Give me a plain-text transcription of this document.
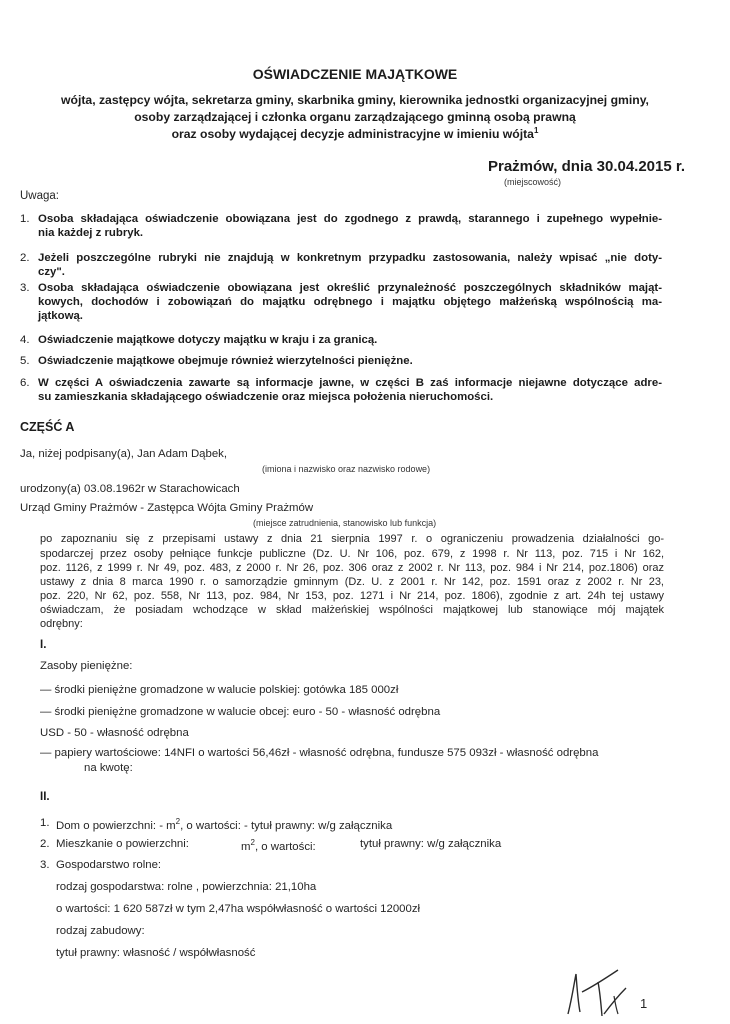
OŚWIADCZENIE MAJĄTKOWE
wójta, zastępcy wójta, sekretarza gminy, skarbnika gminy, kierownika jednostki organizacyjnej gminy,
osoby zarządzającej i członka organu zarządzającego gminną osobą prawną
oraz osoby wydającej decyzje administracyjne w imieniu wójta$^1$
Prażmów, dnia 30.04.2015 r.
(miejscowość)
Uwaga:
1. Osoba składająca oświadczenie obowiązana jest do zgodnego z prawdą, starannego i zupełnego wypełnie-
nia każdej z rubryk.
2. Jeżeli poszczególne rubryki nie znajdują w konkretnym przypadku zastosowania, należy wpisać „nie doty-
czy".
3. Osoba składająca oświadczenie obowiązana jest określić przynależność poszczególnych składników mająt-
kowych, dochodów i zobowiązań do majątku odrębnego i majątku objętego małżeńską wspólnością ma-
jątkową.
4. Oświadczenie majątkowe dotyczy majątku w kraju i za granicą.
5. Oświadczenie majątkowe obejmuje również wierzytelności pieniężne.
6. W części A oświadczenia zawarte są informacje jawne, w części B zaś informacje niejawne dotyczące adre-
su zamieszkania składającego oświadczenie oraz miejsca położenia nieruchomości.
CZĘŚĆ A
Ja, niżej podpisany(a), Jan Adam Dąbek,
(imiona i nazwisko oraz nazwisko rodowe)
urodzony(a) 03.08.1962r w Starachowicach
Urząd Gminy Prażmów - Zastępca Wójta Gminy Prażmów
(miejsce zatrudnienia, stanowisko lub funkcja)
po zapoznaniu się z przepisami ustawy z dnia 21 sierpnia 1997 r. o ograniczeniu prowadzenia działalności go-
spodarczej przez osoby pełniące funkcje publiczne (Dz. U. Nr 106, poz. 679, z 1998 r. Nr 113, poz. 715 i Nr 162,
poz. 1126, z 1999 r. Nr 49, poz. 483, z 2000 r. Nr 26, poz. 306 oraz z 2002 r. Nr 113, poz. 984 i Nr 214, poz.1806) oraz
ustawy z dnia 8 marca 1990 r. o samorządzie gminnym (Dz. U. z 2001 r. Nr 142, poz. 1591 oraz z 2002 r. Nr 23,
poz. 220, Nr 62, poz. 558, Nr 113, poz. 984, Nr 153, poz. 1271 i Nr 214, poz. 1806), zgodnie z art. 24h tej ustawy
oświadczam, że posiadam wchodzące w skład małżeńskiej wspólności majątkowej lub stanowiące mój majątek
odrębny:
I.
Zasoby pieniężne:
— środki pieniężne gromadzone w walucie polskiej: gotówka 185 000zł
— środki pieniężne gromadzone w walucie obcej: euro - 50 - własność odrębna
USD - 50 - własność odrębna
— papiery wartościowe: 14NFI o wartości 56,46zł - własność odrębna, fundusze 575 093zł - własność odrębna
na kwotę:
II.
1. Dom o powierzchni: - $m^2$, o wartości: - tytuł prawny: w/g załącznika
2. Mieszkanie o powierzchni:	$m^2$, o wartości:	tytuł prawny: w/g załącznika
3. Gospodarstwo rolne:
rodzaj gospodarstwa: rolne , powierzchnia: 21,10ha
o wartości: 1 620 587zł w tym 2,47ha współwłasność o wartości 12000zł
rodzaj zabudowy:
tytuł prawny: własność / współwłasność
1
